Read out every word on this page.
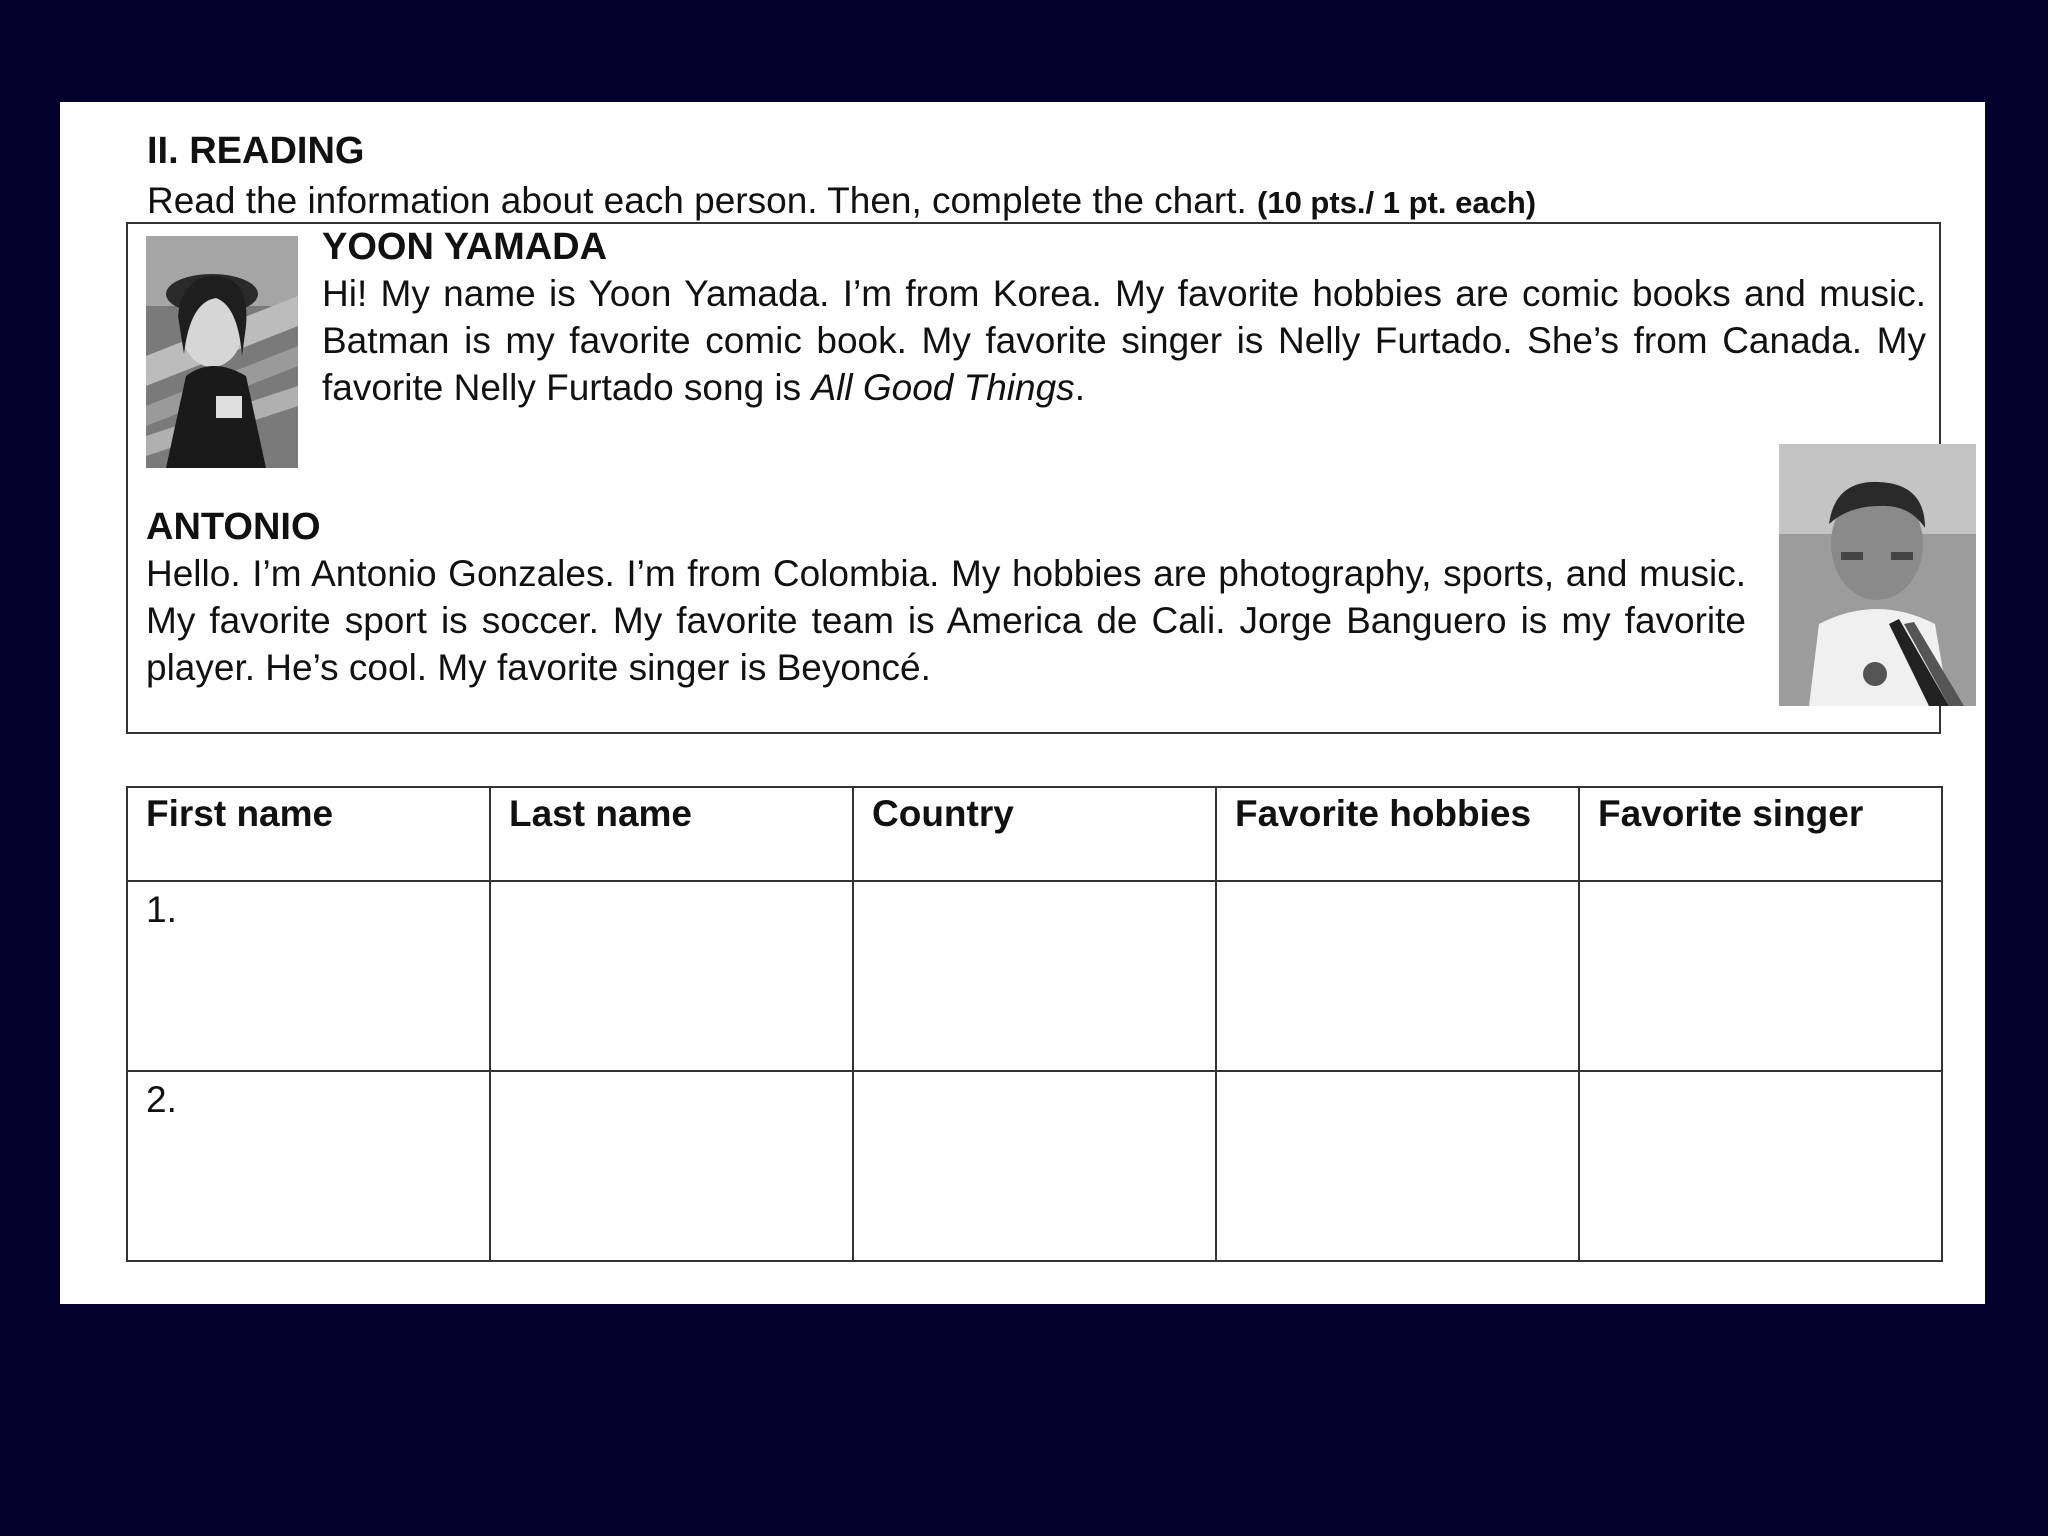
II. READING
Read the information about each person. Then, complete the chart. (10 pts./ 1 pt. each)
YOON YAMADA

Hi! My name is Yoon Yamada. I’m from Korea. My favorite hobbies are comic books and music. Batman is my favorite comic book. My favorite singer is Nelly Furtado. She’s from Canada. My favorite Nelly Furtado song is All Good Things.

ANTONIO

Hello. I’m Antonio Gonzales. I’m from Colombia. My hobbies are photography, sports, and music. My favorite sport is soccer. My favorite team is America de Cali. Jorge Banguero is my favorite player. He’s cool. My favorite singer is Beyoncé.

First name	Last name	Country	Favorite hobbies	Favorite singer
1.				
2.				
